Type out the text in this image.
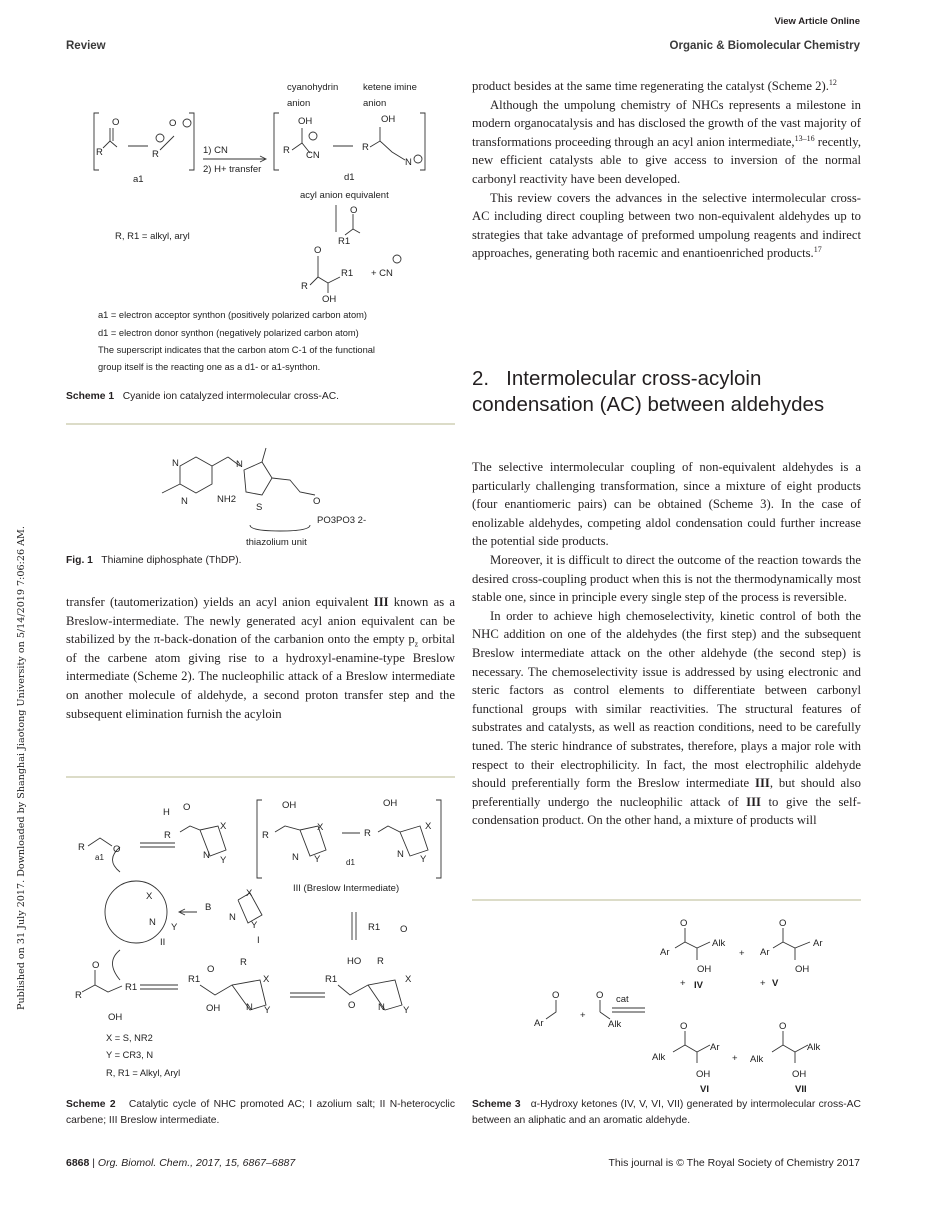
View Article Online
Review	Organic & Biomolecular Chemistry
Published on 31 July 2017. Downloaded by Shanghai Jiaotong University on 5/14/2019 7:06:26 AM.
cyanohydrin	ketene imine
anion	anion
R
O
R
O
a1
1) CN
2) H+ transfer
OH
R CN
OH
R
N
d1
acyl anion equivalent
O
R1
R, R1 = alkyl, aryl
O
R
R1 + CN
OH
a1 = electron acceptor synthon (positively polarized carbon atom)
d1 = electron donor synthon (negatively polarized carbon atom)
The superscript indicates that the carbon atom C-1 of the functional
group itself is the reacting one as a d1- or a1-synthon.
N
N	NH2
N
S
O
PO3PO3 2-
thiazolium unit
R
a1
O
H O
R
X
N Y
OH
R
X
N Y
OH
R
X
N Y
d1
III (Breslow Intermediate)
X
N Y
II
B
X
N
Y
I
R1 O
O
R
R1
OH
O
R
R1
OH
X
N Y
HO R
R1
O
X
N Y
X = S, NR2
Y = CR3, N
R, R1 = Alkyl, Aryl
Ar
O
+
O
Alk
cat
O
Ar
Alk
OH
+ IV
+
O
Ar
Ar
OH
+ V
O
Alk
Ar
OH
VI
+
O
Alk
Alk
OH
VII
Scheme 1 Cyanide ion catalyzed intermolecular cross-AC.
Fig. 1 Thiamine diphosphate (ThDP).

transfer (tautomerization) yields an acyl anion equivalent III known as a Breslow-intermediate. The newly generated acyl anion equivalent can be stabilized by the π-back-donation of the carbanion onto the empty $p_z$ orbital of the carbene atom giving rise to a hydroxyl-enamine-type Breslow intermediate (Scheme 2). The nucleophilic attack of a Breslow intermediate on another molecule of aldehyde, a second proton transfer step and the subsequent elimination furnish the acyloin

Scheme 2 Catalytic cycle of NHC promoted AC; I azolium salt; II N-heterocyclic carbene; III Breslow intermediate.

product besides at the same time regenerating the catalyst (Scheme 2).$^{12}$

Although the umpolung chemistry of NHCs represents a milestone in modern organocatalysis and has disclosed the growth of the vast majority of transformations proceeding through an acyl anion intermediate,$^{13-16}$ recently, new efficient catalysts able to give access to inversion of the normal carbonyl reactivity have been developed.

This review covers the advances in the selective intermolecular cross-AC including direct coupling between two non-equivalent aldehydes up to strategies that take advantage of preformed umpolung reagents and indirect approaches, generating both racemic and enantioenriched products.$^{17}$

2.   Intermolecular cross-acyloin condensation (AC) between aldehydes

The selective intermolecular coupling of non-equivalent aldehydes is a particularly challenging transformation, since a mixture of eight products (four enantiomeric pairs) can be obtained (Scheme 3). In the case of enolizable aldehydes, competing aldol condensation could further increase the potential side products.

Moreover, it is difficult to direct the outcome of the reaction towards the desired cross-coupling product when this is not the thermodynamically most stable one, since in principle every single step of the process is reversible.

In order to achieve high chemoselectivity, kinetic control of both the NHC addition on one of the aldehydes (the first step) and the subsequent Breslow intermediate attack on the other aldehyde (the second step) is necessary. The chemoselectivity issue is addressed by using electronic and steric factors as control elements to differentiate between carbonyl functional groups with similar reactivities. The structural features of substrates and catalysts, as well as reaction conditions, need to be carefully tuned. The steric hindrance of substrates, therefore, plays a major role with respect to their electrophilicity. In fact, the most electrophilic aldehyde should preferentially form the Breslow intermediate III, but should also preferentially undergo the nucleophilic attack of III to give the self-condensation product. On the other hand, a mixture of products will

Scheme 3 α-Hydroxy ketones (IV, V, VI, VII) generated by intermolecular cross-AC between an aliphatic and an aromatic aldehyde.
6868 | Org. Biomol. Chem., 2017, 15, 6867–6887	This journal is © The Royal Society of Chemistry 2017
